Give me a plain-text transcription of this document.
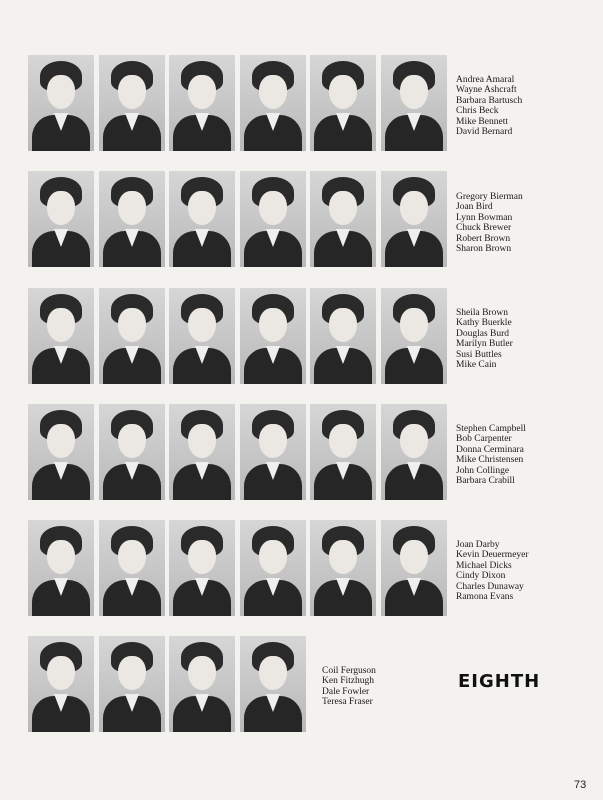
EIGHTH
73
Andrea Amaral
Wayne Ashcraft
Barbara Bartusch
Chris Beck
Mike Bennett
David Bernard
Gregory Bierman
Joan Bird
Lynn Bowman
Chuck Brewer
Robert Brown
Sharon Brown
Sheila Brown
Kathy Buerkle
Douglas Burd
Marilyn Butler
Susi Buttles
Mike Cain
Stephen Campbell
Bob Carpenter
Donna Cerminara
Mike Christensen
John Collinge
Barbara Crabill
Joan Darby
Kevin Deuermeyer
Michael Dicks
Cindy Dixon
Charles Dunaway
Ramona Evans
Coil Ferguson
Ken Fitzhugh
Dale Fowler
Teresa Fraser
